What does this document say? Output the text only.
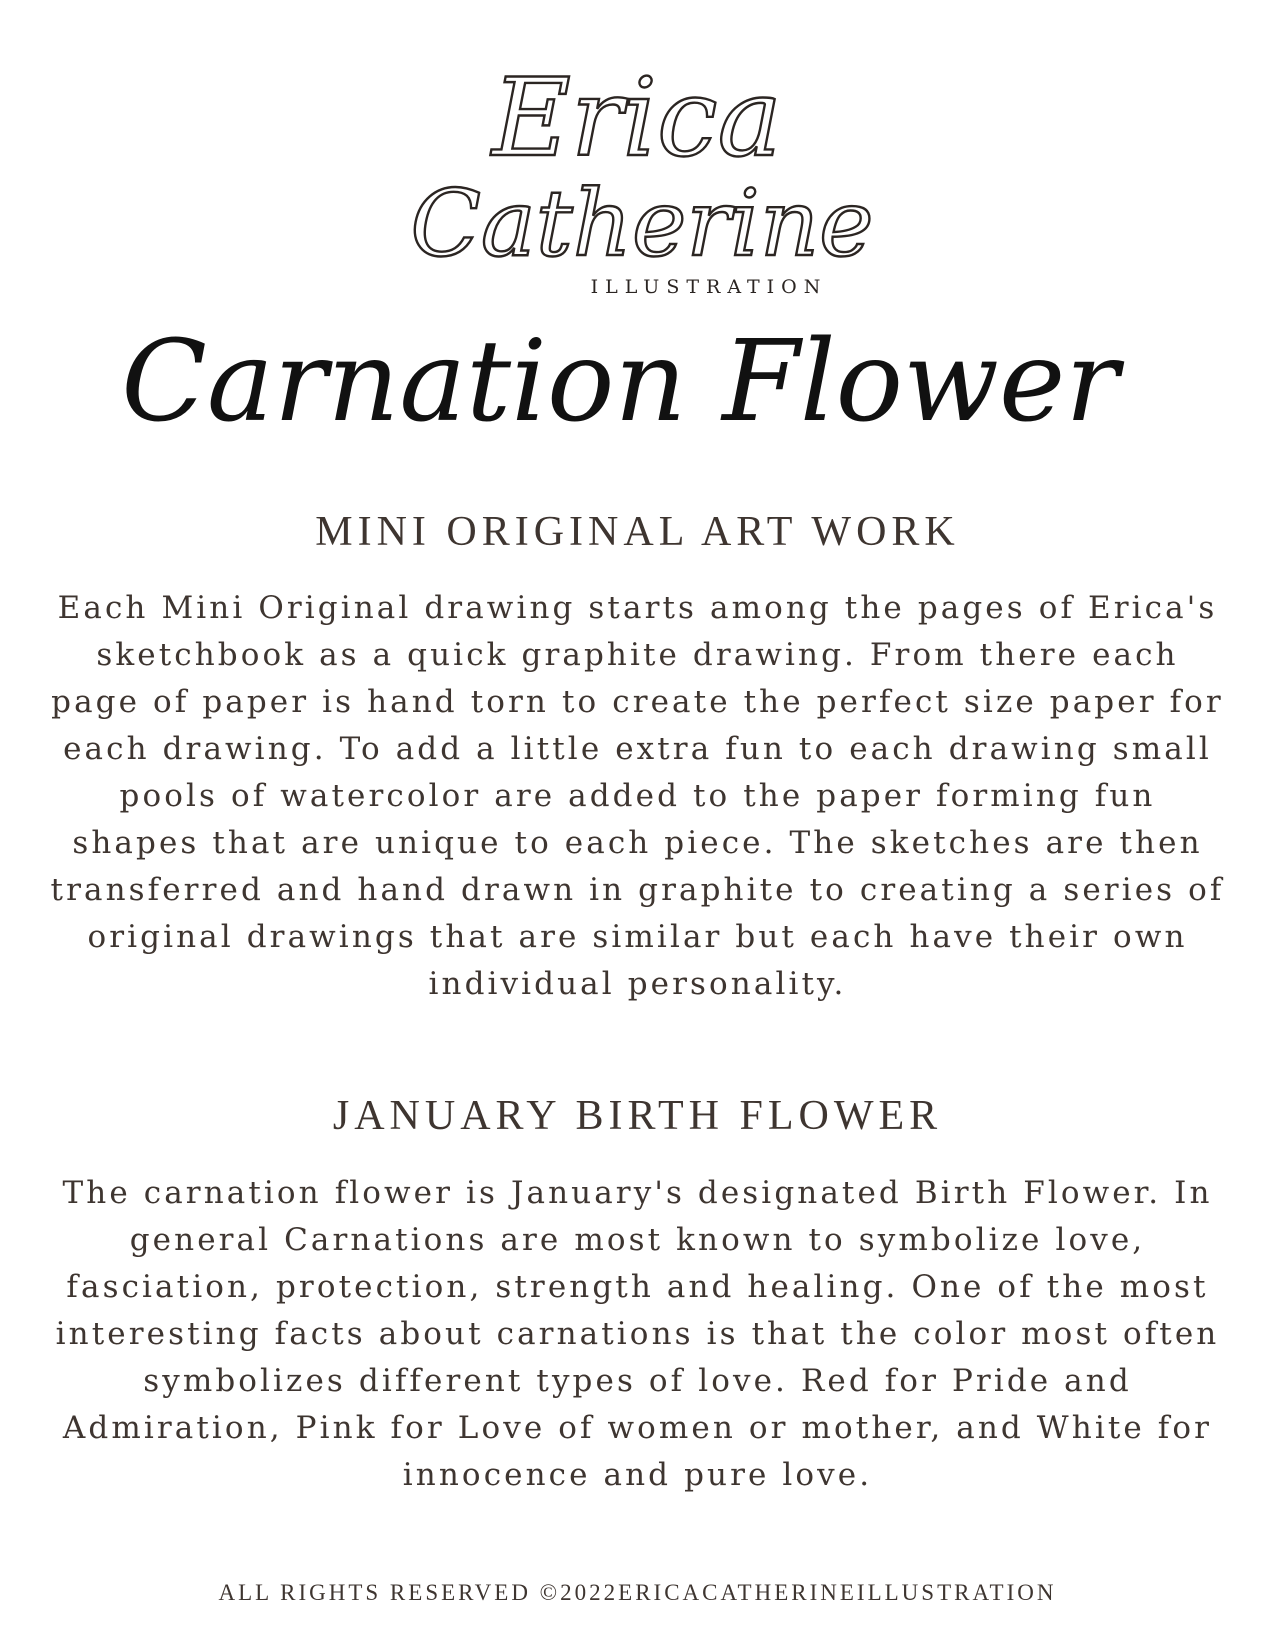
Erica
Catherine
ILLUSTRATION
Carnation Flower
MINI ORIGINAL ART WORK

Each Mini Original drawing starts among the pages of Erica's sketchbook as a quick graphite drawing. From there each page of paper is hand torn to create the perfect size paper for each drawing. To add a little extra fun to each drawing small pools of watercolor are added to the paper forming fun shapes that are unique to each piece. The sketches are then transferred and hand drawn in graphite to creating a series of original drawings that are similar but each have their own individual personality.

JANUARY BIRTH FLOWER

The carnation flower is January's designated Birth Flower. In general Carnations are most known to symbolize love, fasciation, protection, strength and healing. One of the most interesting facts about carnations is that the color most often symbolizes different types of love. Red for Pride and Admiration, Pink for Love of women or mother, and White for innocence and pure love.

ALL RIGHTS RESERVED ©2022ERICACATHERINEILLUSTRATION
